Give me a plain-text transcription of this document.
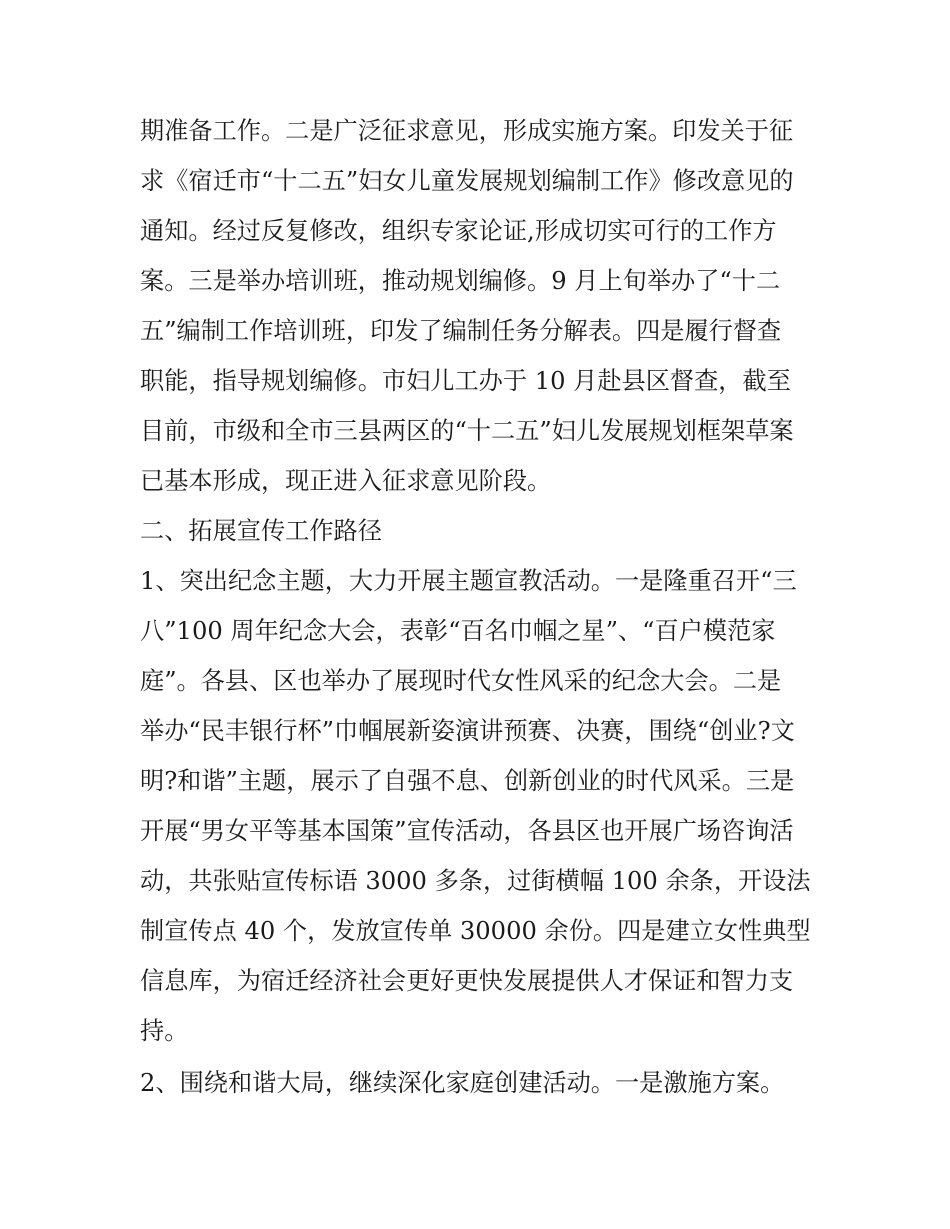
期准备工作。二是广泛征求意见，形成实施方案。印发关于征
求《宿迁市“十二五”妇女儿童发展规划编制工作》修改意见的
通知。经过反复修改，组织专家论证,形成切实可行的工作方
案。三是举办培训班，推动规划编修。9 月上旬举办了“十二
五”编制工作培训班，印发了编制任务分解表。四是履行督查
职能，指导规划编修。市妇儿工办于 10 月赴县区督查，截至
目前，市级和全市三县两区的“十二五”妇儿发展规划框架草案
已基本形成，现正进入征求意见阶段。
二、拓展宣传工作路径
1、突出纪念主题，大力开展主题宣教活动。一是隆重召开“三
八”100 周年纪念大会，表彰“百名巾帼之星”、“百户模范家
庭”。各县、区也举办了展现时代女性风采的纪念大会。二是
举办“民丰银行杯”巾帼展新姿演讲预赛、决赛，围绕“创业?文
明?和谐”主题，展示了自强不息、创新创业的时代风采。三是
开展“男女平等基本国策”宣传活动，各县区也开展广场咨询活
动，共张贴宣传标语 3000 多条，过街横幅 100 余条，开设法
制宣传点 40 个，发放宣传单 30000 余份。四是建立女性典型
信息库，为宿迁经济社会更好更快发展提供人才保证和智力支
持。
2、围绕和谐大局，继续深化家庭创建活动。一是激施方案。
